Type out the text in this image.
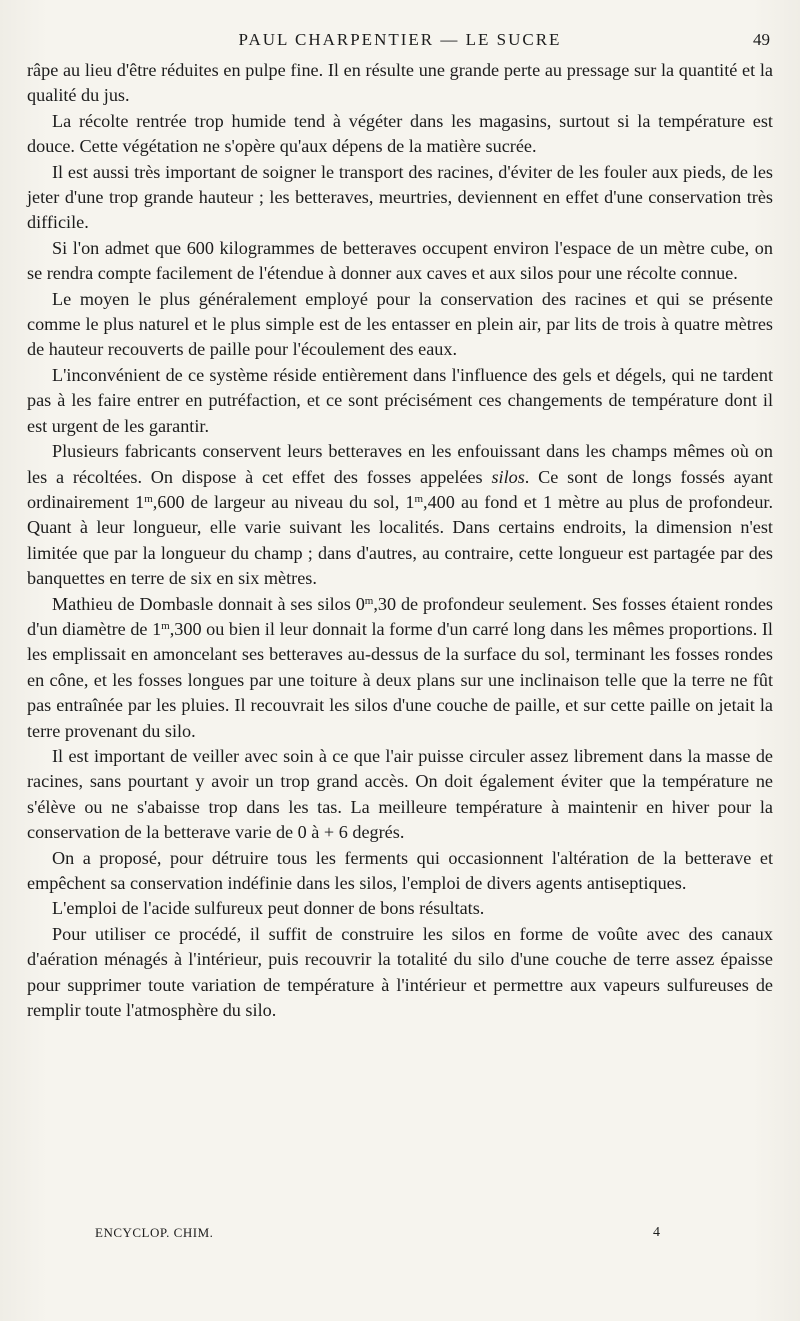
PAUL CHARPENTIER — LE SUCRE	49

râpe au lieu d'être réduites en pulpe fine. Il en résulte une grande perte au pressage sur la quantité et la qualité du jus.

La récolte rentrée trop humide tend à végéter dans les magasins, surtout si la température est douce. Cette végétation ne s'opère qu'aux dépens de la matière sucrée.

Il est aussi très important de soigner le transport des racines, d'éviter de les fouler aux pieds, de les jeter d'une trop grande hauteur ; les betteraves, meurtries, deviennent en effet d'une conservation très difficile.

Si l'on admet que 600 kilogrammes de betteraves occupent environ l'espace de un mètre cube, on se rendra compte facilement de l'étendue à donner aux caves et aux silos pour une récolte connue.

Le moyen le plus généralement employé pour la conservation des racines et qui se présente comme le plus naturel et le plus simple est de les entasser en plein air, par lits de trois à quatre mètres de hauteur recouverts de paille pour l'écoulement des eaux.

L'inconvénient de ce système réside entièrement dans l'influence des gels et dégels, qui ne tardent pas à les faire entrer en putréfaction, et ce sont précisément ces changements de température dont il est urgent de les garantir.

Plusieurs fabricants conservent leurs betteraves en les enfouissant dans les champs mêmes où on les a récoltées. On dispose à cet effet des fosses appelées silos. Ce sont de longs fossés ayant ordinairement 1$^m$,600 de largeur au niveau du sol, 1$^m$,400 au fond et 1 mètre au plus de profondeur. Quant à leur longueur, elle varie suivant les localités. Dans certains endroits, la dimension n'est limitée que par la longueur du champ ; dans d'autres, au contraire, cette longueur est partagée par des banquettes en terre de six en six mètres.

Mathieu de Dombasle donnait à ses silos 0$^m$,30 de profondeur seulement. Ses fosses étaient rondes d'un diamètre de 1$^m$,300 ou bien il leur donnait la forme d'un carré long dans les mêmes proportions. Il les emplissait en amoncelant ses betteraves au-dessus de la surface du sol, terminant les fosses rondes en cône, et les fosses longues par une toiture à deux plans sur une inclinaison telle que la terre ne fût pas entraînée par les pluies. Il recouvrait les silos d'une couche de paille, et sur cette paille on jetait la terre provenant du silo.

Il est important de veiller avec soin à ce que l'air puisse circuler assez librement dans la masse de racines, sans pourtant y avoir un trop grand accès. On doit également éviter que la température ne s'élève ou ne s'abaisse trop dans les tas. La meilleure température à maintenir en hiver pour la conservation de la betterave varie de 0 à + 6 degrés.

On a proposé, pour détruire tous les ferments qui occasionnent l'altération de la betterave et empêchent sa conservation indéfinie dans les silos, l'emploi de divers agents antiseptiques.

L'emploi de l'acide sulfureux peut donner de bons résultats.

Pour utiliser ce procédé, il suffit de construire les silos en forme de voûte avec des canaux d'aération ménagés à l'intérieur, puis recouvrir la totalité du silo d'une couche de terre assez épaisse pour supprimer toute variation de température à l'intérieur et permettre aux vapeurs sulfureuses de remplir toute l'atmosphère du silo.

ENCYCLOP. CHIM.	4
